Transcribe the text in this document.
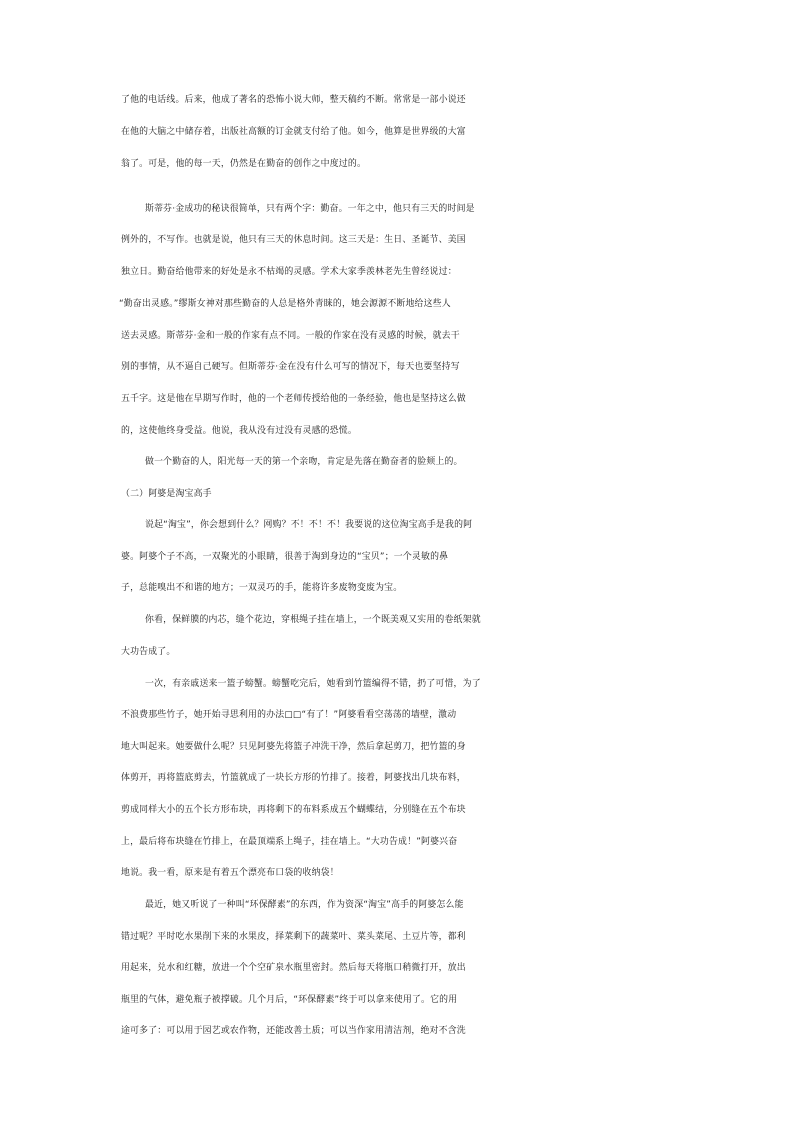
了他的电话线。后来，他成了著名的恐怖小说大师，整天稿约不断。常常是一部小说还
在他的大脑之中储存着，出版社高额的订金就支付给了他。如今，他算是世界级的大富
翁了。可是，他的每一天，仍然是在勤奋的创作之中度过的。
斯蒂芬·金成功的秘诀很简单，只有两个字：勤奋。一年之中，他只有三天的时间是
例外的，不写作。也就是说，他只有三天的休息时间。这三天是：生日、圣诞节、美国
独立日。勤奋给他带来的好处是永不枯竭的灵感。学术大家季羡林老先生曾经说过：
“勤奋出灵感。”缪斯女神对那些勤奋的人总是格外青睐的，她会源源不断地给这些人
送去灵感。斯蒂芬·金和一般的作家有点不同。一般的作家在没有灵感的时候，就去干
别的事情，从不逼自己硬写。但斯蒂芬·金在没有什么可写的情况下，每天也要坚持写
五千字。这是他在早期写作时，他的一个老师传授给他的一条经验，他也是坚持这么做
的，这使他终身受益。他说，我从没有过没有灵感的恐慌。
做一个勤奋的人，阳光每一天的第一个亲吻，肯定是先落在勤奋者的脸颊上的。
（二）阿婆是淘宝高手
说起“淘宝”，你会想到什么？网购？不！不！不！我要说的这位淘宝高手是我的阿
婆。阿婆个子不高，一双聚光的小眼睛，很善于淘到身边的“宝贝”；一个灵敏的鼻
子，总能嗅出不和谐的地方；一双灵巧的手，能将许多废物变废为宝。
你看，保鲜膜的内芯，缝个花边，穿根绳子挂在墙上，一个既美观又实用的卷纸架就
大功告成了。
一次，有亲戚送来一篮子螃蟹。螃蟹吃完后，她看到竹篮编得不错，扔了可惜，为了
不浪费那些竹子，她开始寻思利用的办法□□“有了！”阿婆看看空荡荡的墙壁，激动
地大叫起来。她要做什么呢？只见阿婆先将篮子冲洗干净，然后拿起剪刀，把竹篮的身
体剪开，再将篮底剪去，竹篮就成了一块长方形的竹排了。接着，阿婆找出几块布料，
剪成同样大小的五个长方形布块，再将剩下的布料系成五个蝴蝶结，分别缝在五个布块
上，最后将布块缝在竹排上，在最顶端系上绳子，挂在墙上。“大功告成！”阿婆兴奋
地说。我一看，原来是有着五个漂亮布口袋的收纳袋！
最近，她又听说了一种叫“环保酵素”的东西，作为资深“淘宝”高手的阿婆怎么能
错过呢？平时吃水果削下来的水果皮，择菜剩下的蔬菜叶、菜头菜尾、土豆片等，都利
用起来，兑水和红糖，放进一个个空矿泉水瓶里密封。然后每天将瓶口稍微打开，放出
瓶里的气体，避免瓶子被撑破。几个月后，“环保酵素”终于可以拿来使用了。它的用
途可多了：可以用于园艺或农作物，还能改善土质；可以当作家用清洁剂，绝对不含洗
